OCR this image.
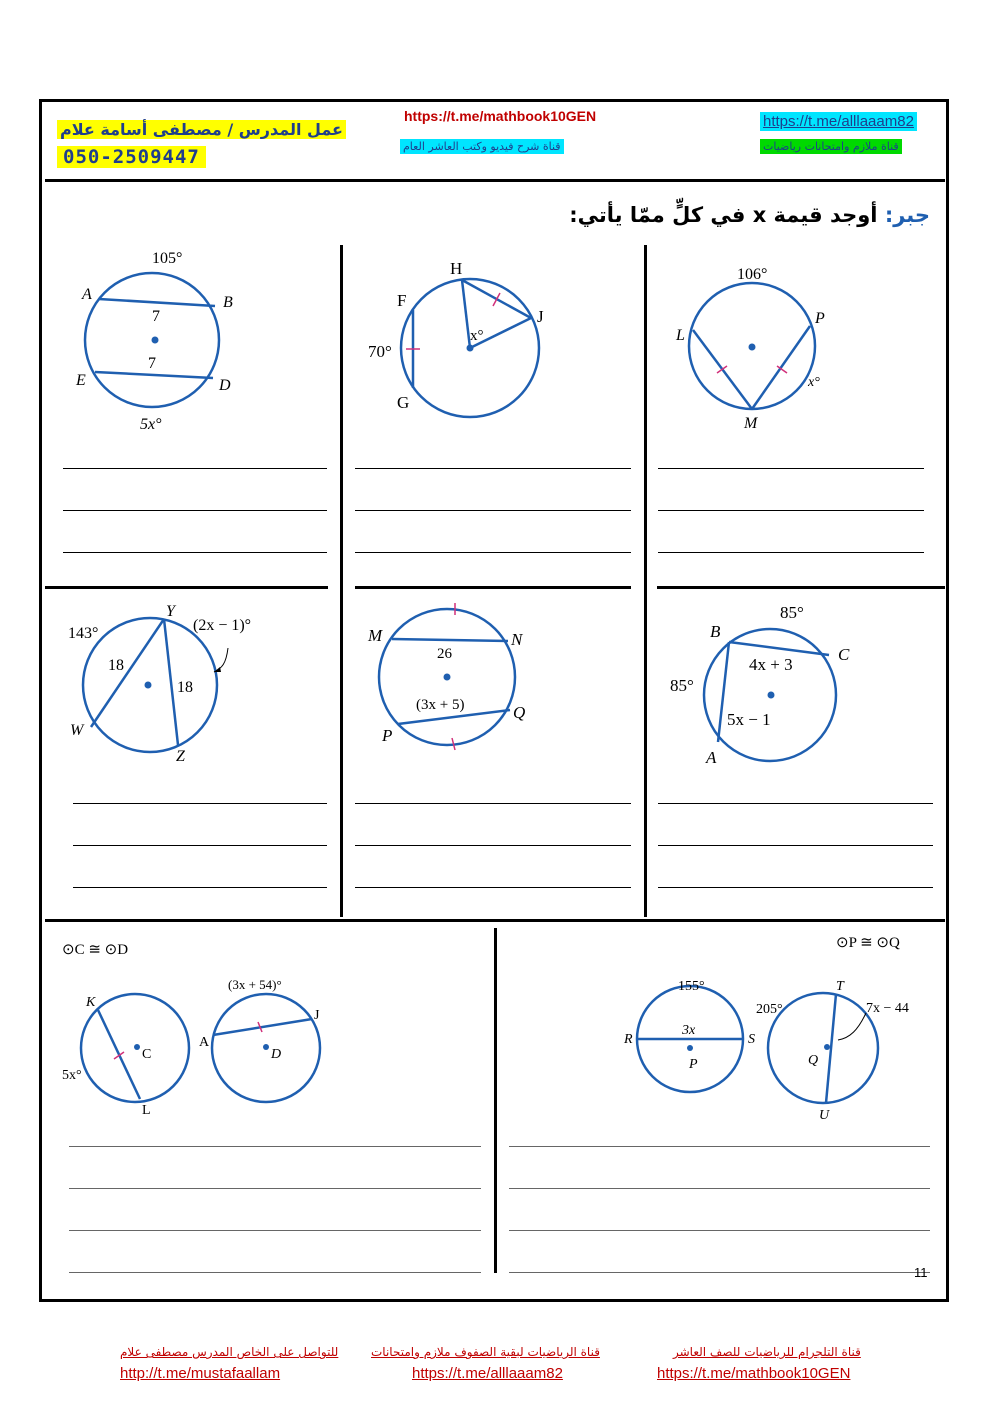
عمل المدرس / مصطفى أسامة علام
050-2509447
https://t.me/mathbook10GEN
قناة شرح فيديو وكتب العاشر العام
https://t.me/alllaaam82
قناة ملازم وامتحانات رياضيات
جبر: أوجد قيمة x في كلٍّ ممّا يأتي:
11
105°
A	B
E	D
7
7
5x°
H
J
F
G
x°
70°
106°
L
P
M
x°
143°	(2x − 1)°
Y
W
Z
18
18
M	N
P
Q
26
(3x + 5)
85°
85°
B
C
A
4x + 3
5x − 1
⊙C ≅ ⊙D
K
C
L
5x°
A
D
J
(3x + 54)°
⊙P ≅ ⊙Q
155°
R	S
P
3x
205°
T
Q
U
7x − 44
قناة التلجرام للرياضيات للصف العاشر
https://t.me/mathbook10GEN
قناة الرياضيات لبقية الصفوف ملازم وامتحانات
https://t.me/alllaaam82
للتواصل على الخاص المدرس مصطفى علام
http://t.me/mustafaallam
